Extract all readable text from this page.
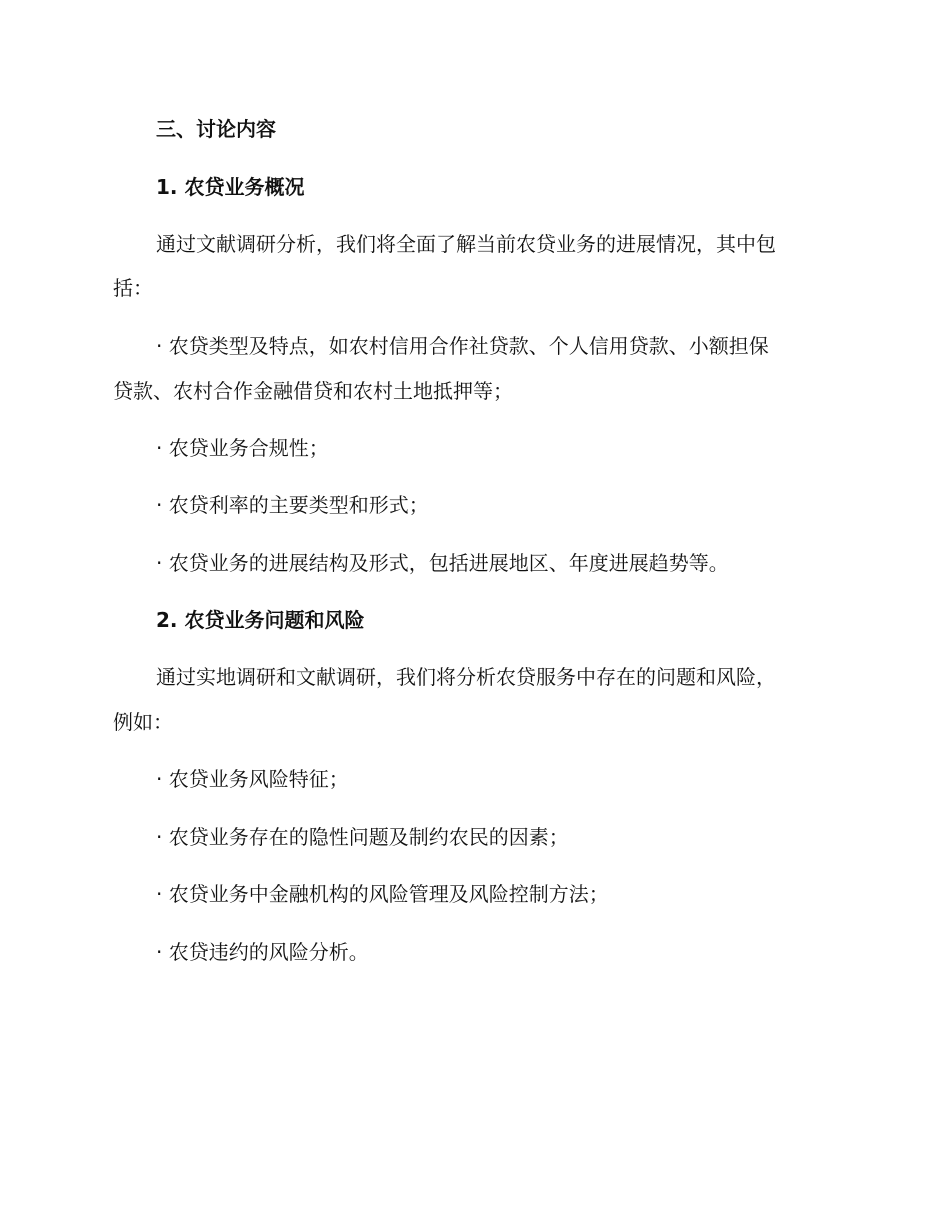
三、讨论内容
1. 农贷业务概况
通过文献调研分析，我们将全面了解当前农贷业务的进展情况，其中包
括：
· 农贷类型及特点，如农村信用合作社贷款、个人信用贷款、小额担保
贷款、农村合作金融借贷和农村土地抵押等；
· 农贷业务合规性；
· 农贷利率的主要类型和形式；
· 农贷业务的进展结构及形式，包括进展地区、年度进展趋势等。
2. 农贷业务问题和风险
通过实地调研和文献调研，我们将分析农贷服务中存在的问题和风险，
例如：
· 农贷业务风险特征；
· 农贷业务存在的隐性问题及制约农民的因素；
· 农贷业务中金融机构的风险管理及风险控制方法；
· 农贷违约的风险分析。
